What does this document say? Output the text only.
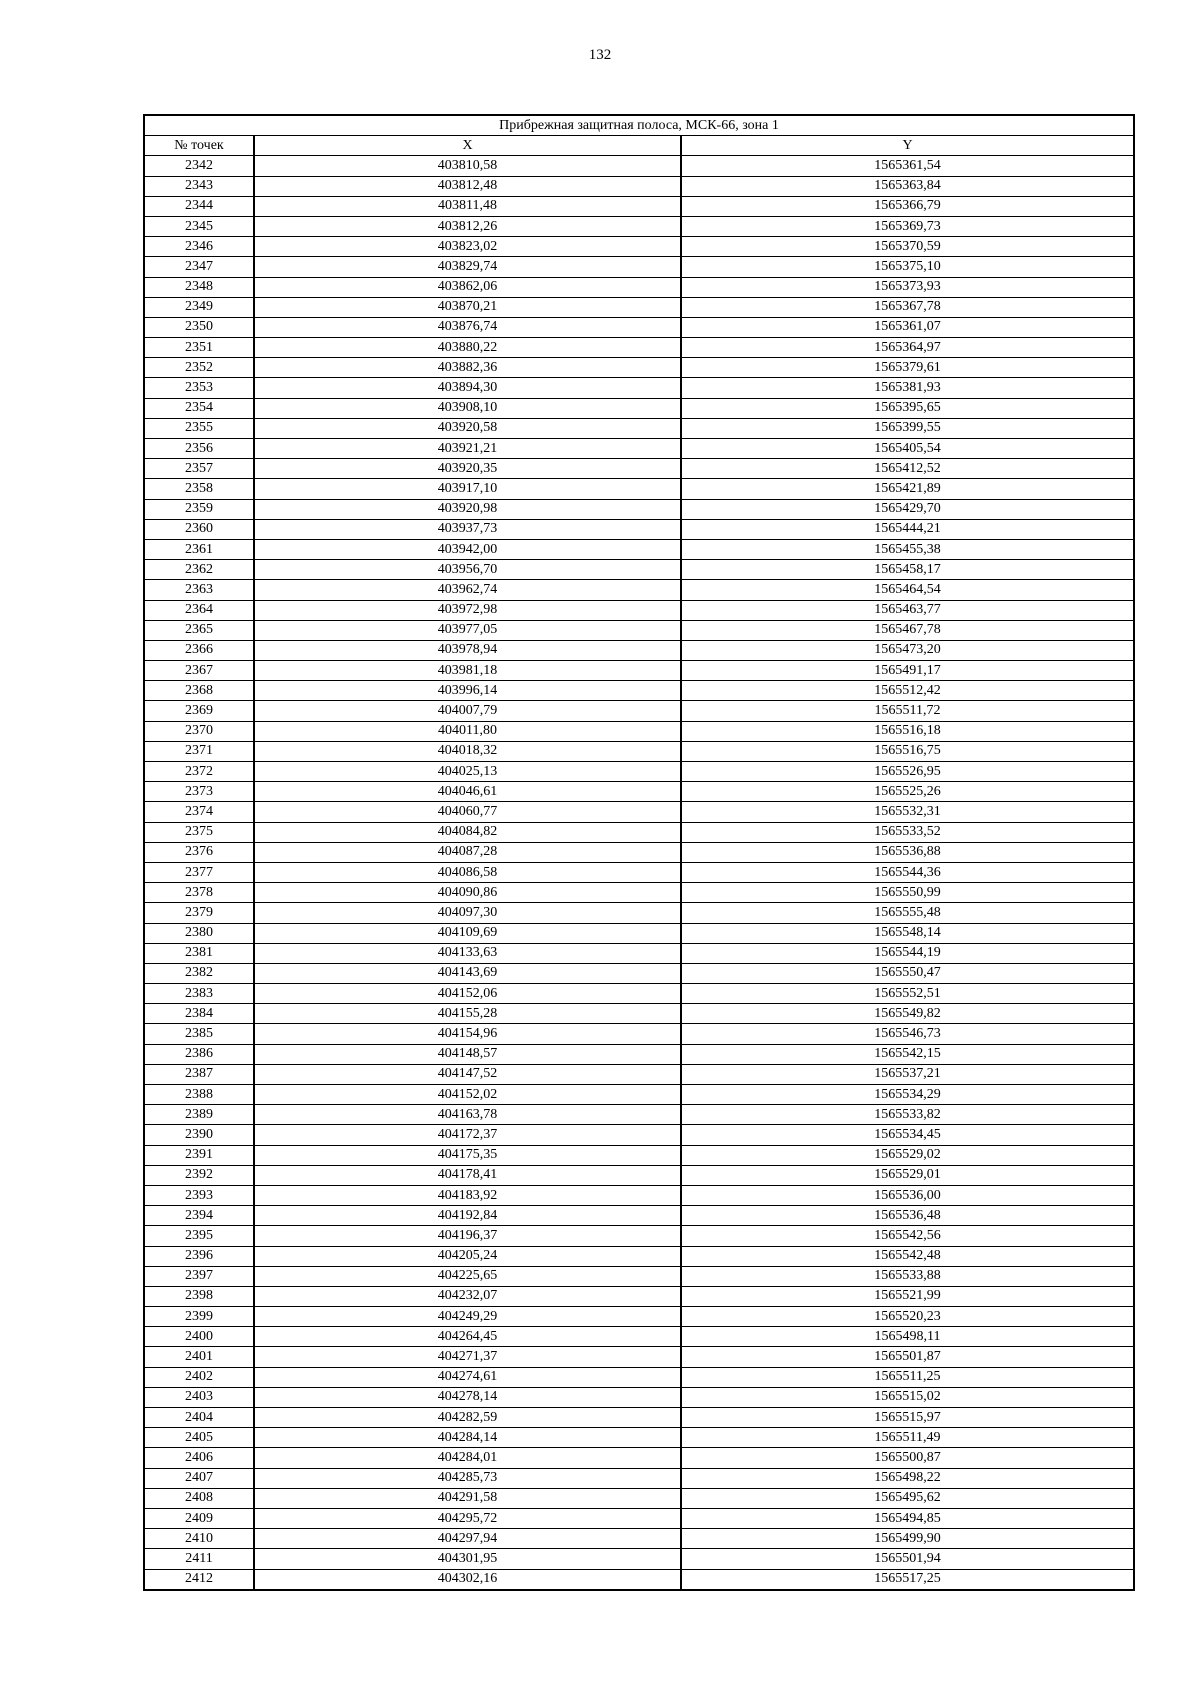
132
Прибрежная защитная полоса, МСК-66, зона 1		
№ точек	X	Y
2342	403810,58	1565361,54
2343	403812,48	1565363,84
2344	403811,48	1565366,79
2345	403812,26	1565369,73
2346	403823,02	1565370,59
2347	403829,74	1565375,10
2348	403862,06	1565373,93
2349	403870,21	1565367,78
2350	403876,74	1565361,07
2351	403880,22	1565364,97
2352	403882,36	1565379,61
2353	403894,30	1565381,93
2354	403908,10	1565395,65
2355	403920,58	1565399,55
2356	403921,21	1565405,54
2357	403920,35	1565412,52
2358	403917,10	1565421,89
2359	403920,98	1565429,70
2360	403937,73	1565444,21
2361	403942,00	1565455,38
2362	403956,70	1565458,17
2363	403962,74	1565464,54
2364	403972,98	1565463,77
2365	403977,05	1565467,78
2366	403978,94	1565473,20
2367	403981,18	1565491,17
2368	403996,14	1565512,42
2369	404007,79	1565511,72
2370	404011,80	1565516,18
2371	404018,32	1565516,75
2372	404025,13	1565526,95
2373	404046,61	1565525,26
2374	404060,77	1565532,31
2375	404084,82	1565533,52
2376	404087,28	1565536,88
2377	404086,58	1565544,36
2378	404090,86	1565550,99
2379	404097,30	1565555,48
2380	404109,69	1565548,14
2381	404133,63	1565544,19
2382	404143,69	1565550,47
2383	404152,06	1565552,51
2384	404155,28	1565549,82
2385	404154,96	1565546,73
2386	404148,57	1565542,15
2387	404147,52	1565537,21
2388	404152,02	1565534,29
2389	404163,78	1565533,82
2390	404172,37	1565534,45
2391	404175,35	1565529,02
2392	404178,41	1565529,01
2393	404183,92	1565536,00
2394	404192,84	1565536,48
2395	404196,37	1565542,56
2396	404205,24	1565542,48
2397	404225,65	1565533,88
2398	404232,07	1565521,99
2399	404249,29	1565520,23
2400	404264,45	1565498,11
2401	404271,37	1565501,87
2402	404274,61	1565511,25
2403	404278,14	1565515,02
2404	404282,59	1565515,97
2405	404284,14	1565511,49
2406	404284,01	1565500,87
2407	404285,73	1565498,22
2408	404291,58	1565495,62
2409	404295,72	1565494,85
2410	404297,94	1565499,90
2411	404301,95	1565501,94
2412	404302,16	1565517,25
